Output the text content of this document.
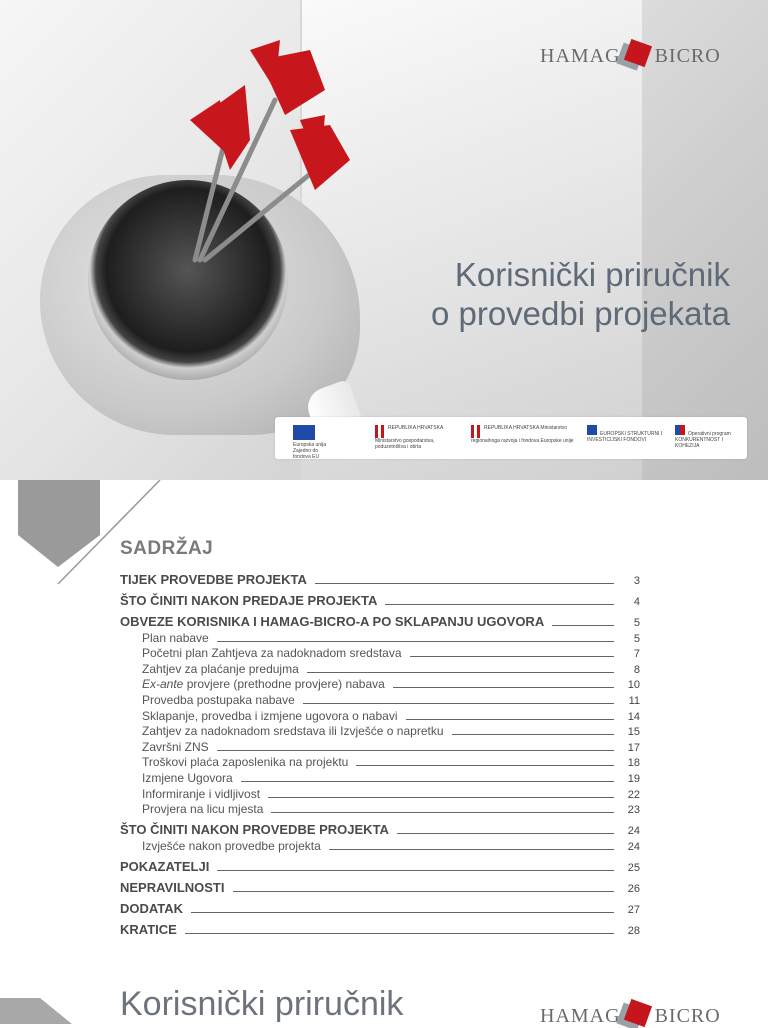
HAMAG BICRO
Korisnički priručnik
o provedbi projekata
Europska unija Zajedno do fondova EU
REPUBLIKA HRVATSKA Ministarstvo gospodarstva, poduzetništva i obrta
REPUBLIKA HRVATSKA Ministarstvo regionalnoga razvoja i fondova Europske unije
EUROPSKI STRUKTURNI I INVESTICIJSKI FONDOVI
Operativni program KONKURENTNOST I KOHEZIJA
SADRŽAJ
TIJEK PROVEDBE PROJEKTA	3
ŠTO ČINITI NAKON PREDAJE PROJEKTA	4
OBVEZE KORISNIKA I HAMAG-BICRO-A PO SKLAPANJU UGOVORA	5
Plan nabave	5
Početni plan Zahtjeva za nadoknadom sredstava	7
Zahtjev za plaćanje predujma	8
Ex-ante provjere (prethodne provjere) nabava	10
Provedba postupaka nabave	11
Sklapanje, provedba i izmjene ugovora o nabavi	14
Zahtjev za nadoknadom sredstava ili Izvješće o napretku	15
Završni ZNS	17
Troškovi plaća zaposlenika na projektu	18
Izmjene Ugovora	19
Informiranje i vidljivost	22
Provjera na licu mjesta	23
ŠTO ČINITI NAKON PROVEDBE PROJEKTA	24
Izvješće nakon provedbe projekta	24
POKAZATELJI	25
NEPRAVILNOSTI	26
DODATAK	27
KRATICE	28
Korisnički priručnik	HAMAG BICRO
